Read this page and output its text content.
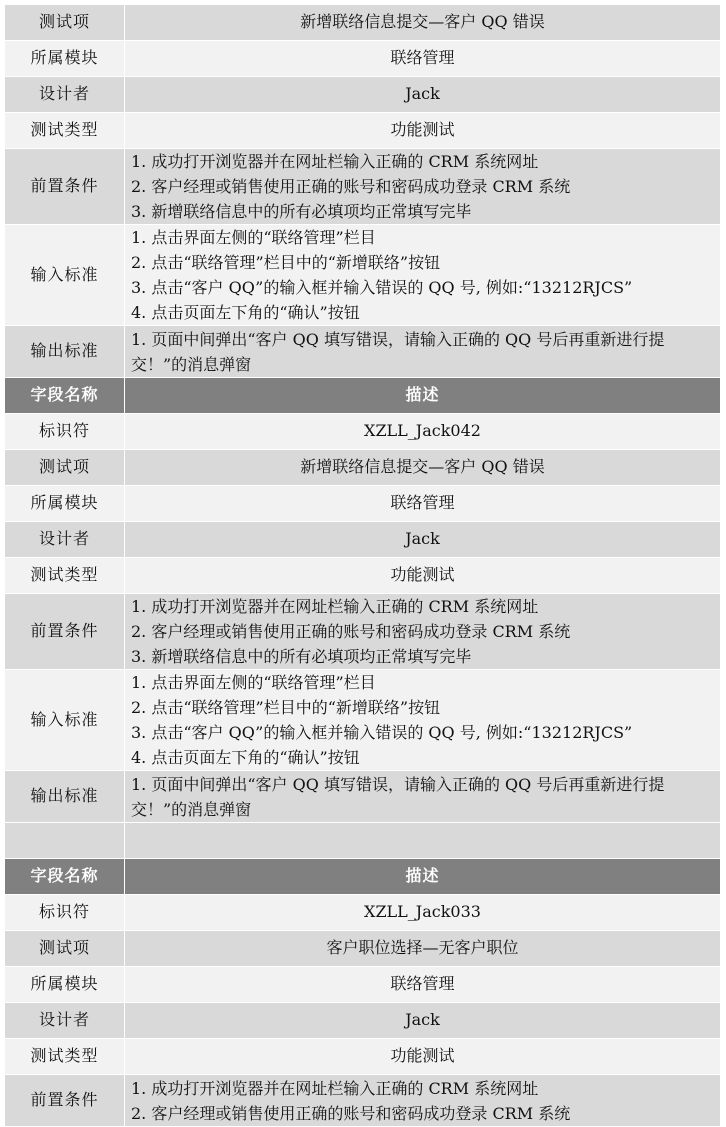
测试项	新增联络信息提交—客户 QQ 错误
所属模块	联络管理
设计者	Jack
测试类型	功能测试
前置条件	1. 成功打开浏览器并在网址栏输入正确的 CRM 系统网址
2. 客户经理或销售使用正确的账号和密码成功登录 CRM 系统
3. 新增联络信息中的所有必填项均正常填写完毕

输入标准	1. 点击界面左侧的“联络管理”栏目
2. 点击“联络管理”栏目中的“新增联络”按钮
3. 点击“客户 QQ”的输入框并输入错误的 QQ 号, 例如:“13212RJCS”
4. 点击页面左下角的“确认”按钮

输出标准	1. 页面中间弹出“客户 QQ 填写错误，请输入正确的 QQ 号后再重新进行提交！”的消息弹窗
字段名称	描述
标识符	XZLL_Jack042
测试项	新增联络信息提交—客户 QQ 错误
所属模块	联络管理
设计者	Jack
测试类型	功能测试
前置条件	1. 成功打开浏览器并在网址栏输入正确的 CRM 系统网址
2. 客户经理或销售使用正确的账号和密码成功登录 CRM 系统
3. 新增联络信息中的所有必填项均正常填写完毕

输入标准	1. 点击界面左侧的“联络管理”栏目
2. 点击“联络管理”栏目中的“新增联络”按钮
3. 点击“客户 QQ”的输入框并输入错误的 QQ 号, 例如:“13212RJCS”
4. 点击页面左下角的“确认”按钮

输出标准	1. 页面中间弹出“客户 QQ 填写错误，请输入正确的 QQ 号后再重新进行提交！”的消息弹窗

字段名称	描述
标识符	XZLL_Jack033
测试项	客户职位选择—无客户职位
所属模块	联络管理
设计者	Jack
测试类型	功能测试
前置条件	1. 成功打开浏览器并在网址栏输入正确的 CRM 系统网址
2. 客户经理或销售使用正确的账号和密码成功登录 CRM 系统
